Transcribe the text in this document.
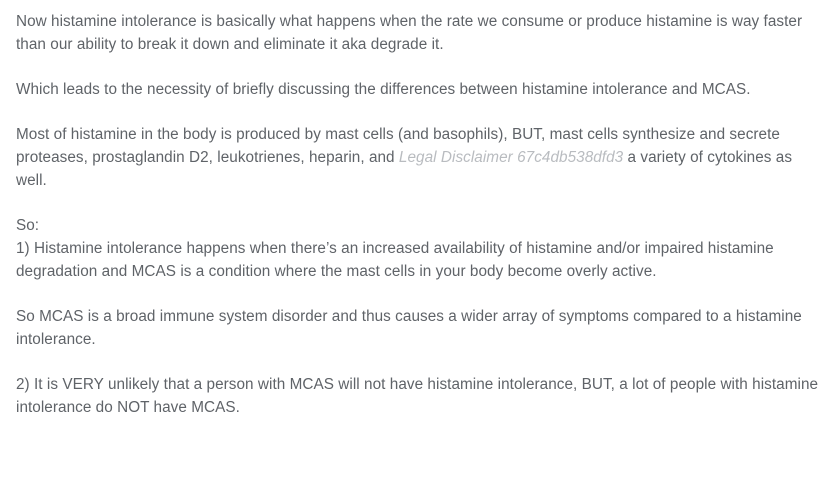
Now histamine intolerance is basically what happens when the rate we consume or produce histamine is way faster than our ability to break it down and eliminate it aka degrade it.

Which leads to the necessity of briefly discussing the differences between histamine intolerance and MCAS.

Most of histamine in the body is produced by mast cells (and basophils), BUT, mast cells synthesize and secrete proteases, prostaglandin D2, leukotrienes, heparin, and Legal Disclaimer 67c4db538dfd3 a variety of cytokines as well.

So:

1) Histamine intolerance happens when there’s an increased availability of histamine and/or impaired histamine degradation and MCAS is a condition where the mast cells in your body become overly active.

So MCAS is a broad immune system disorder and thus causes a wider array of symptoms compared to a histamine intolerance.

2) It is VERY unlikely that a person with MCAS will not have histamine intolerance, BUT, a lot of people with histamine intolerance do NOT have MCAS.
